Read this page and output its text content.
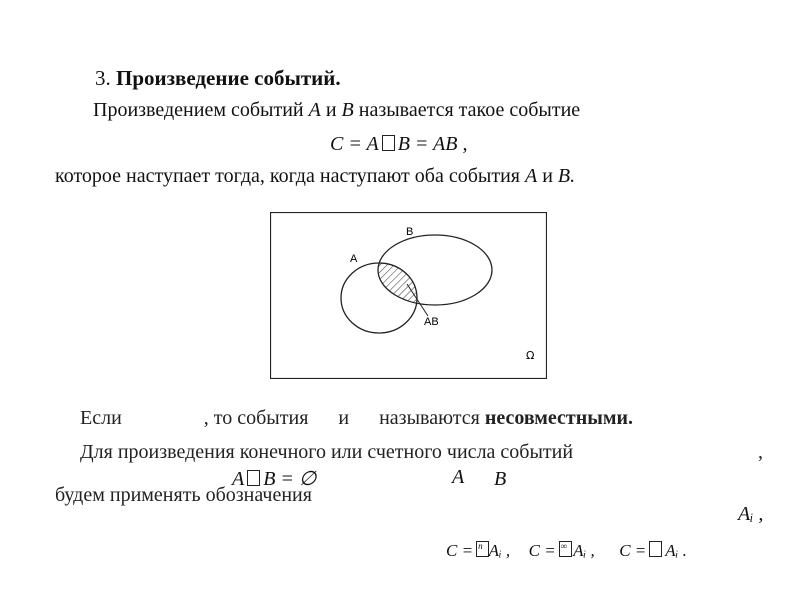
3. Произведение событий.
Произведением событий A и B называется такое событие
C = A B = AB ,
которое наступает тогда, когда наступают оба события A и B.
A
B
AB
Ω
Если	, то события и называются несовместными.
Для произведения конечного или счетного числа событий	,
A B = ∅	A B
будем применять обозначения
Aᵢ ,
C = $^n$ Aᵢ , C = ∞ Aᵢ , C = Aᵢ .
